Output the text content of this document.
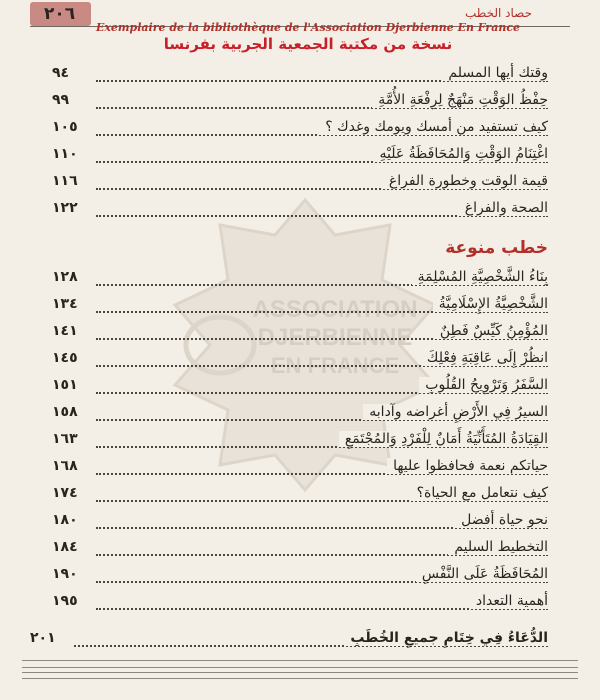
حصاد الخطب
٢٠٦
Exemplaire de la bibliothèque de l'Association Djerbienne En France
نسخة من مكتبة الجمعية الجربية بفرنسا
ASSOCIATION
DJERBIENNE
EN FRANCE
وقتك أيها المسلم
٩٤
حِفْظُ الوَقْتِ مَنْهَجٌ لِرِفْعَةِ الأُمَّةِ
٩٩
كيف تستفيد من أمسك ويومك وغدك ؟
١٠٥
اغْتِنَامُ الوَقْتِ وَالمُحَافَظَةُ عَلَيْهِ
١١٠
قيمة الوقت وخطورة الفراغ
١١٦
الصحة والفراغ
١٢٢
خطب منوعة
بِنَاءُ الشَّخْصِيَّةِ المُسْلِمَةِ
١٢٨
الشَّخْصِيَّةُ الإِسْلَامِيَّةُ
١٣٤
المُؤْمِنُ كَيِّسٌ فَطِنٌ
١٤١
انظُرْ إِلَى عَاقِبَةِ فِعْلِكَ
١٤٥
السَّفَرُ وَتَرْوِيحُ القُلُوبِ
١٥١
السيرُ فِي الأَرْضِ أغراضه وآدابه
١٥٨
القِيَادَةُ المُتَأَنِّيَةُ أَمَانٌ لِلْفَرْدِ وَالمُجْتَمَعِ
١٦٣
حياتكم نعمة فحافظوا عليها
١٦٨
كيف نتعامل مع الحياة؟
١٧٤
نحو حياة أفضل
١٨٠
التخطيط السليم
١٨٤
المُحَافَظَةُ عَلَى النَّفْسِ
١٩٠
أهمية التعداد
١٩٥
الدُّعَاءُ فِي خِتَامِ جميعِ الخُطَبِ
٢٠١
